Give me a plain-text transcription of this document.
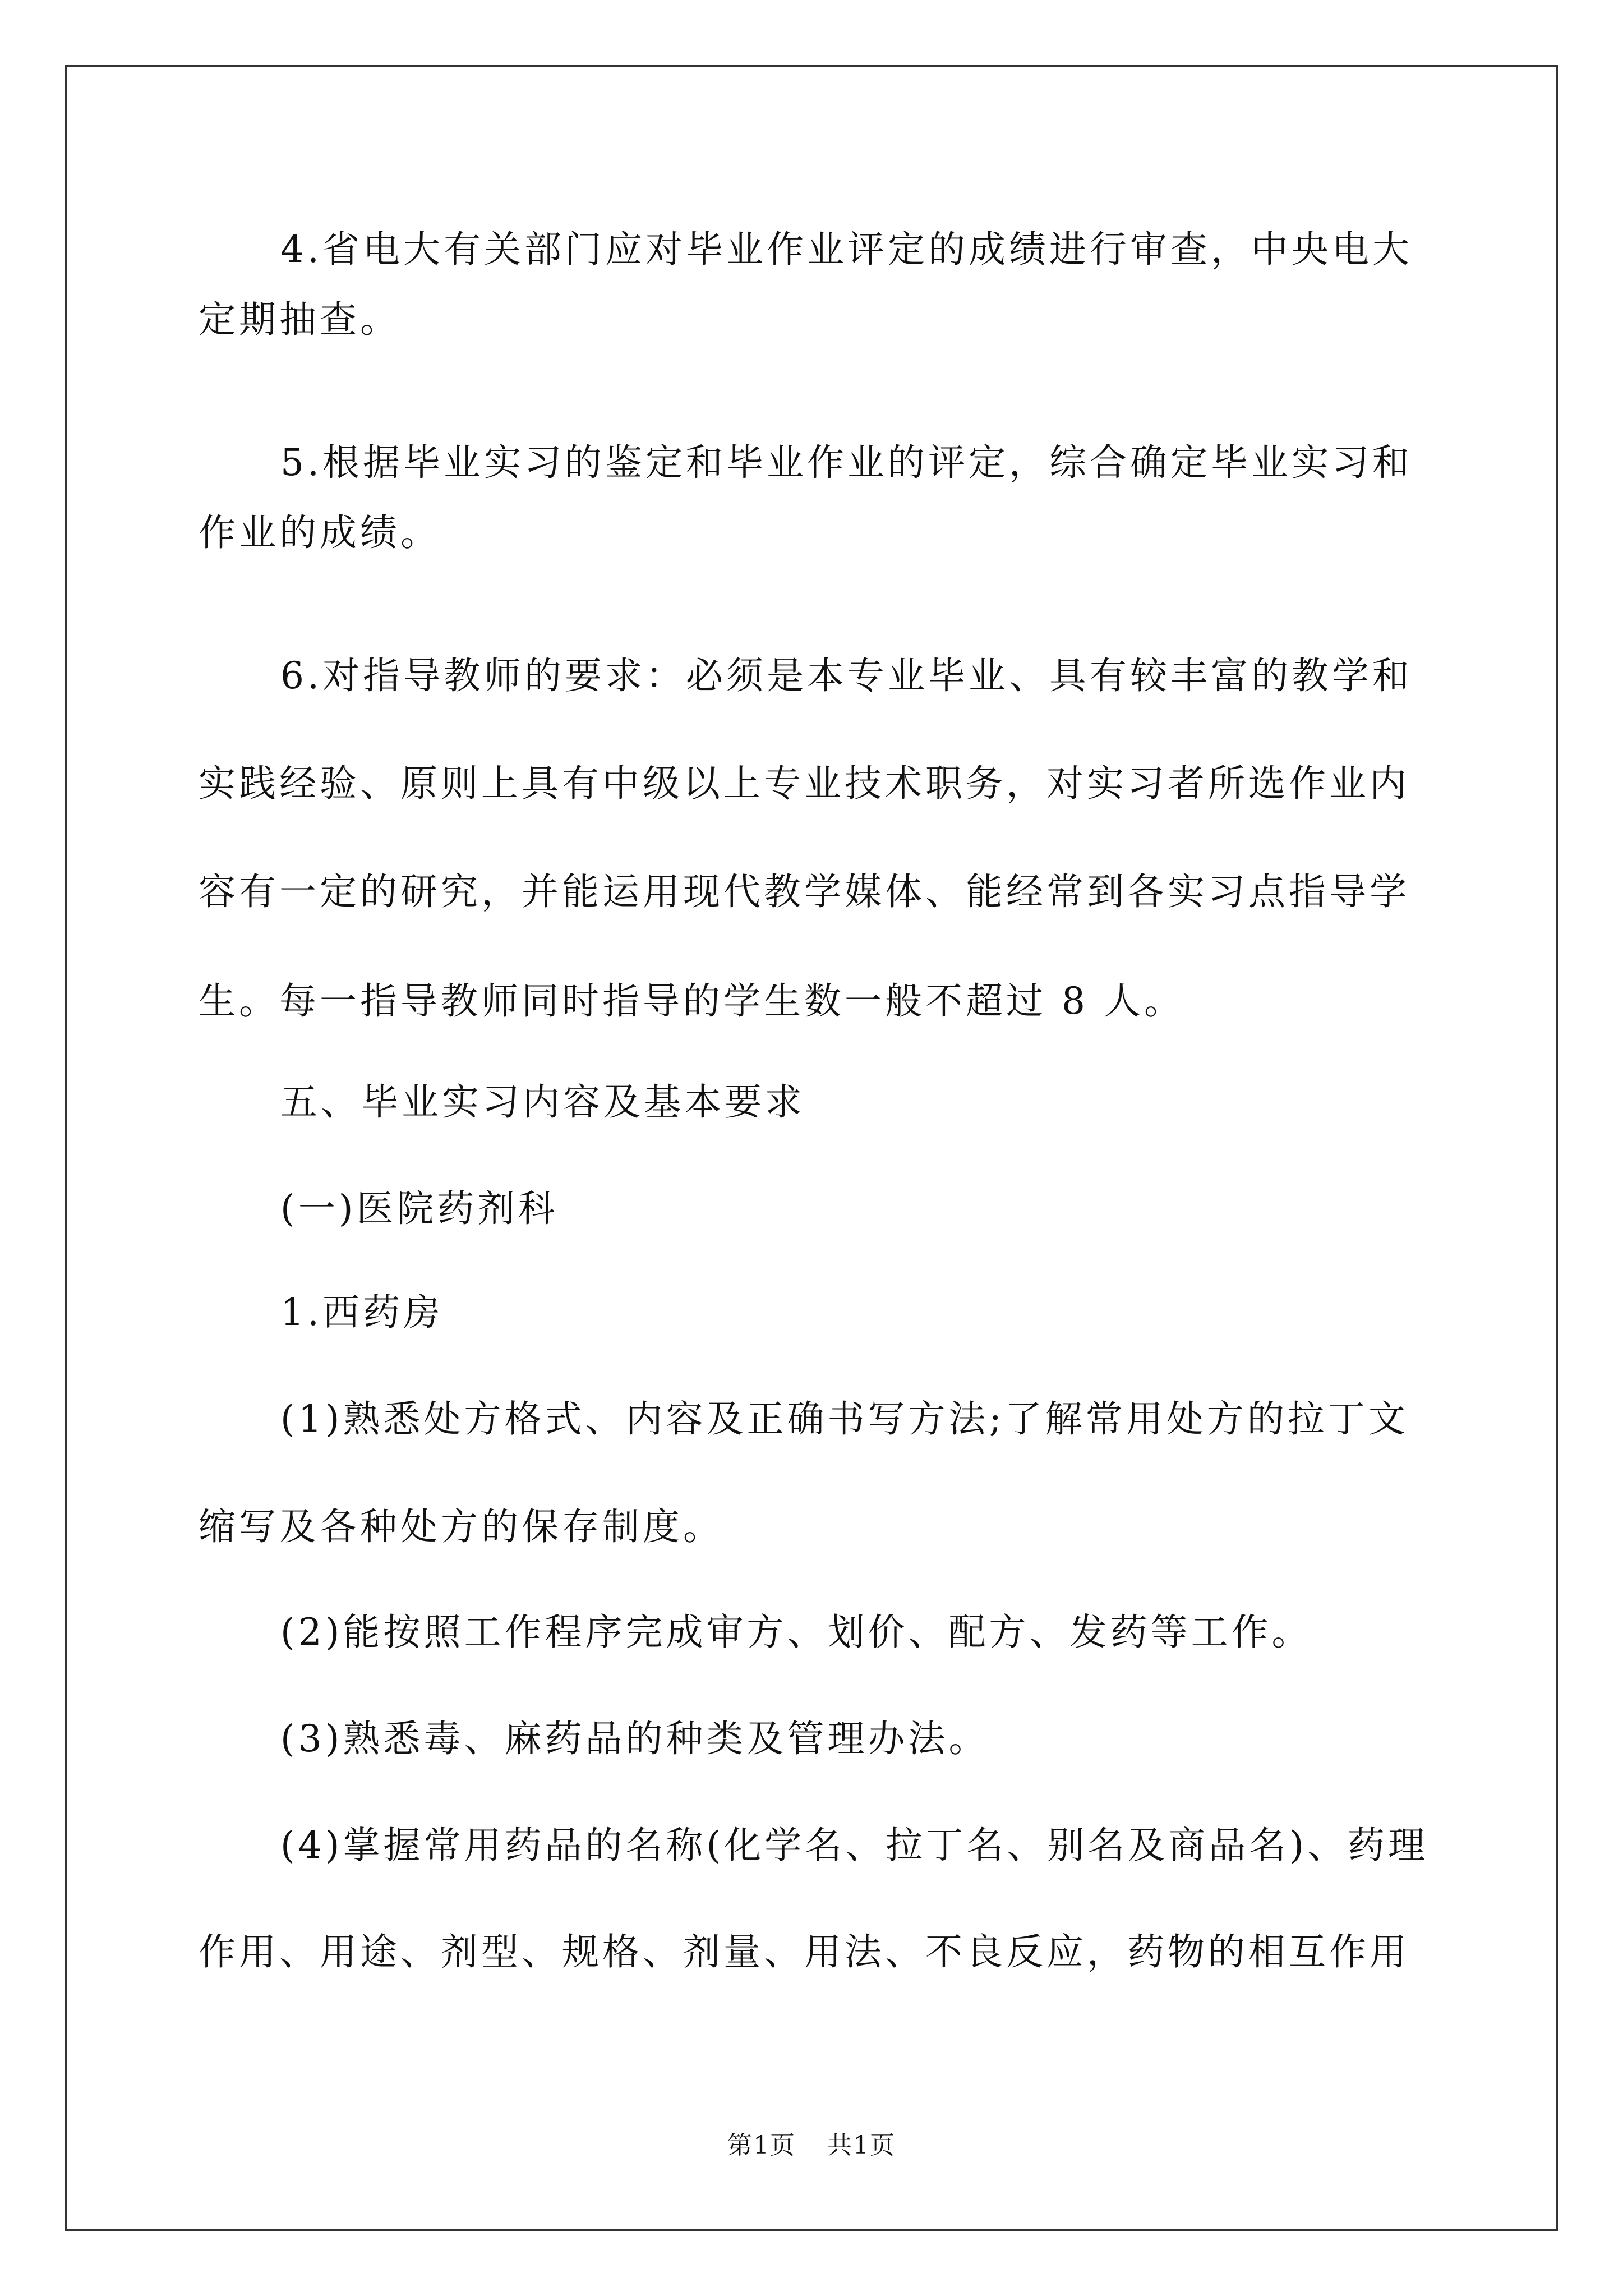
4.省电大有关部门应对毕业作业评定的成绩进行审查，中央电大
定期抽查。
5.根据毕业实习的鉴定和毕业作业的评定，综合确定毕业实习和
作业的成绩。
6.对指导教师的要求：必须是本专业毕业、具有较丰富的教学和
实践经验、原则上具有中级以上专业技术职务，对实习者所选作业内
容有一定的研究，并能运用现代教学媒体、能经常到各实习点指导学
生。每一指导教师同时指导的学生数一般不超过 8 人。
五、毕业实习内容及基本要求
(一)医院药剂科
1.西药房
(1)熟悉处方格式、内容及正确书写方法;了解常用处方的拉丁文
缩写及各种处方的保存制度。
(2)能按照工作程序完成审方、划价、配方、发药等工作。
(3)熟悉毒、麻药品的种类及管理办法。
(4)掌握常用药品的名称(化学名、拉丁名、别名及商品名)、药理
作用、用途、剂型、规格、剂量、用法、不良反应，药物的相互作用
第1页 共1页
